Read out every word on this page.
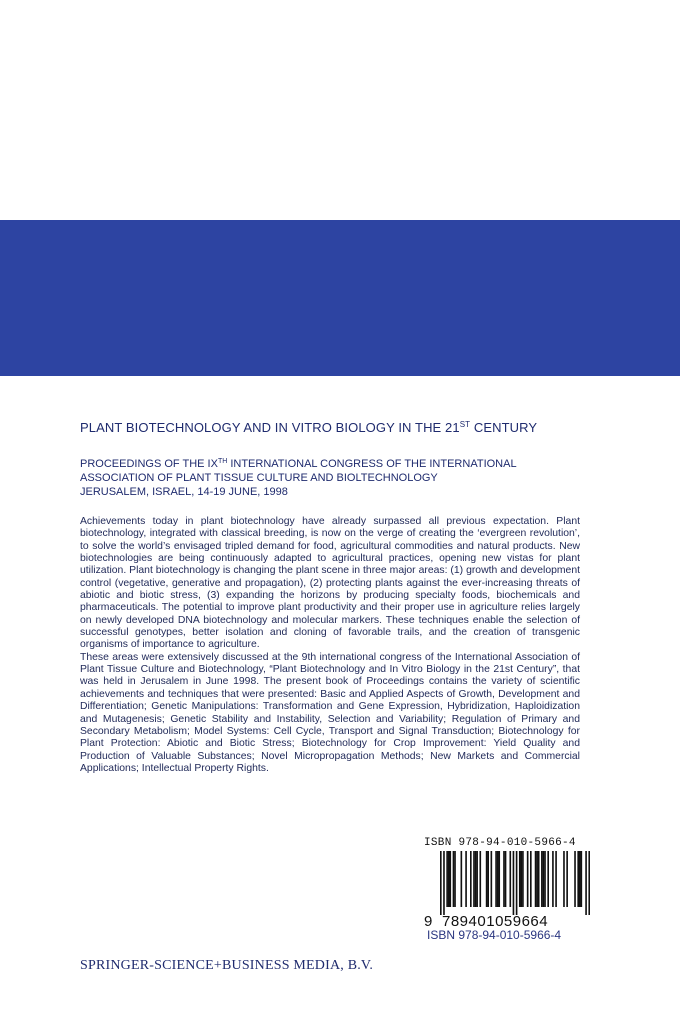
PLANT BIOTECHNOLOGY AND IN VITRO BIOLOGY IN THE 21ST CENTURY
PROCEEDINGS OF THE IXTH INTERNATIONAL CONGRESS OF THE INTERNATIONAL
ASSOCIATION OF PLANT TISSUE CULTURE AND BIOLTECHNOLOGY
JERUSALEM, ISRAEL, 14-19 JUNE, 1998

Achievements today in plant biotechnology have already surpassed all previous expectation. Plant biotechnology, integrated with classical breeding, is now on the verge of creating the ‘evergreen revolution’, to solve the world’s envisaged tripled demand for food, agricultural commodities and natural products. New biotechnologies are being continuously adapted to agricultural practices, opening new vistas for plant utilization. Plant biotechnology is changing the plant scene in three major areas: (1) growth and development control (vegetative, generative and propagation), (2) protecting plants against the ever-increasing threats of abiotic and biotic stress, (3) expanding the horizons by producing specialty foods, biochemicals and pharmaceuticals. The potential to improve plant productivity and their proper use in agriculture relies largely on newly developed DNA biotechnology and molecular markers. These techniques enable the selection of successful genotypes, better isolation and cloning of favorable trails, and the creation of transgenic organisms of importance to agriculture.

These areas were extensively discussed at the 9th international congress of the International Association of Plant Tissue Culture and Biotechnology, “Plant Biotechnology and In Vitro Biology in the 21st Century”, that was held in Jerusalem in June 1998. The present book of Proceedings contains the variety of scientific achievements and techniques that were presented: Basic and Applied Aspects of Growth, Development and Differentiation; Genetic Manipulations: Transformation and Gene Expression, Hybridization, Haploidization and Mutagenesis; Genetic Stability and Instability, Selection and Variability; Regulation of Primary and Secondary Metabolism; Model Systems: Cell Cycle, Transport and Signal Transduction; Biotechnology for Plant Protection: Abiotic and Biotic Stress; Biotechnology for Crop Improvement: Yield Quality and Production of Valuable Substances; Novel Micropropagation Methods; New Markets and Commercial Applications; Intellectual Property Rights.

ISBN 978-94-010-5966-4
9 789401059664
ISBN 978-94-010-5966-4
SPRINGER-SCIENCE+BUSINESS MEDIA, B.V.
